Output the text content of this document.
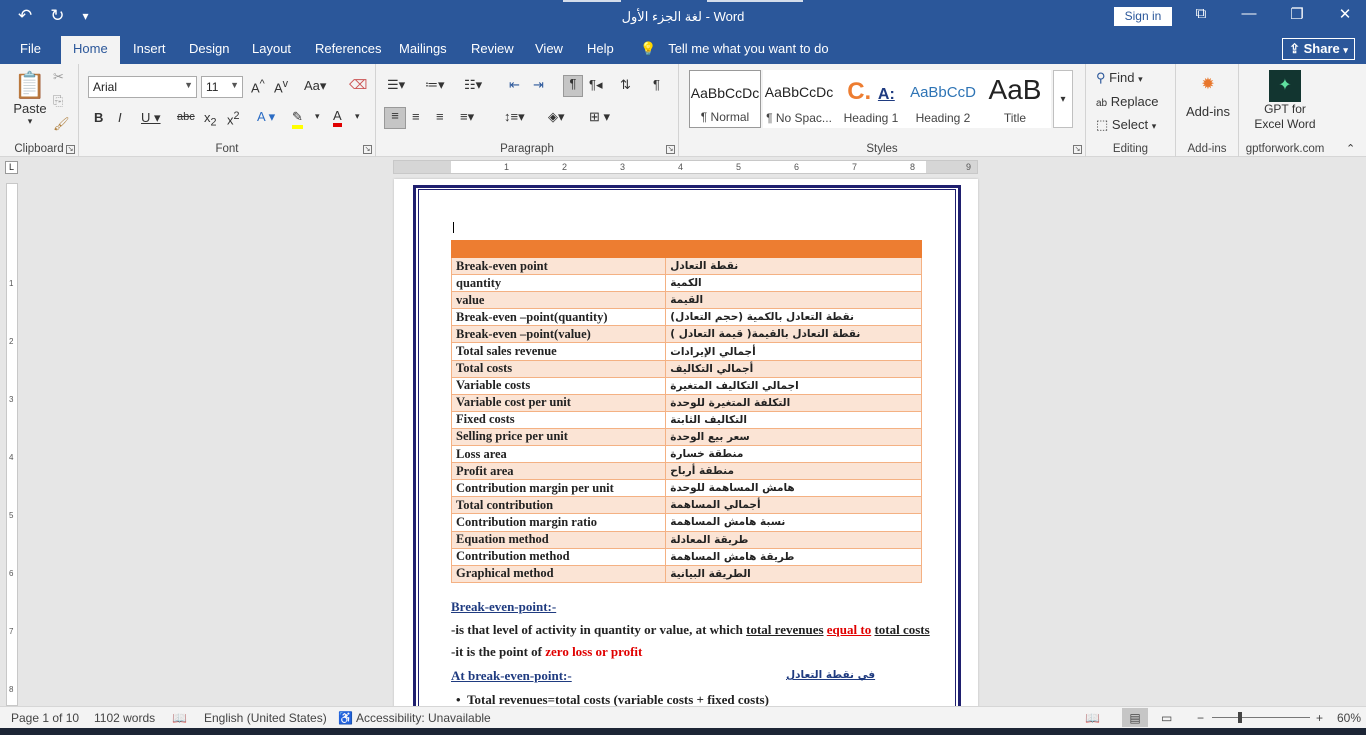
↶ ↻ ▾	لغة الجزء الأول - Word	Sign in	⧉ — ❐ ✕
File	Home	Insert Design Layout References Mailings Review View Help 💡 Tell me what you want to do	⇪ Share ▾
📋
Paste
▾
✂
⎘
🖌
Clipboard ↘
Arial	▼	11 ▼ A^ $A^v$ Aa▾ ⌫
B I U ▾ abc $x_2$ $x^2$ A ▾ ✎ ▾ A ▾
Font	↘
☰▾ ≔▾ ☷▾ ⇤ ⇥	¶ ¶◂ ⇅ ¶
≡	≡ ≡ ≡▾ ↕≡▾ ◈▾ ⊞ ▾
Paragraph	↘
AaBbCcDc
¶ Normal
AaBbCcDc
¶ No Spac...
C. A:
Heading 1
AaBbCcD
Heading 2
AaB
Title
▾
Styles	↘
⚲ Find ▾
ab Replace
⬚ Select ▾
Editing
✹
Add-ins
Add-ins
✦
GPT for
Excel Word
gptforwork.com	⌃
L	1	2	3	4	5	6	7	8	9
1
2
3
4
5
6
7
8

Break-even point	نقطة التعادل
quantity	الكمية
value	القيمة
Break-even –point(quantity)	نقطة التعادل بالكمية (حجم التعادل)
Break-even –point(value)	نقطة التعادل بالقيمة( قيمة التعادل )
Total sales revenue	أجمالي الإيرادات
Total costs	أجمالي التكاليف
Variable costs	اجمالي التكاليف المتغيرة
Variable cost per unit	التكلفة المتغيرة للوحدة
Fixed costs	التكاليف الثابتة
Selling price per unit	سعر بيع الوحدة
Loss area	منطقة خسارة
Profit area	منطقة أرباح
Contribution margin per unit	هامش المساهمة للوحدة
Total contribution	أجمالي المساهمة
Contribution margin ratio	نسبة هامش المساهمة
Equation method	طريقة المعادلة
Contribution method	طريقة هامش المساهمة
Graphical method	الطريقة البيانية
Break-even-point:-
-is that level of activity in quantity or value, at which total revenues equal to total costs
-it is the point of zero loss or profit
At break-even-point:-	في نقطة التعادل
•  Total revenues=total costs (variable costs + fixed costs)
Page 1 of 10 1102 words 📖 English (United States) ♿ Accessibility: Unavailable	📖	▤	▭ −	+ 60%
